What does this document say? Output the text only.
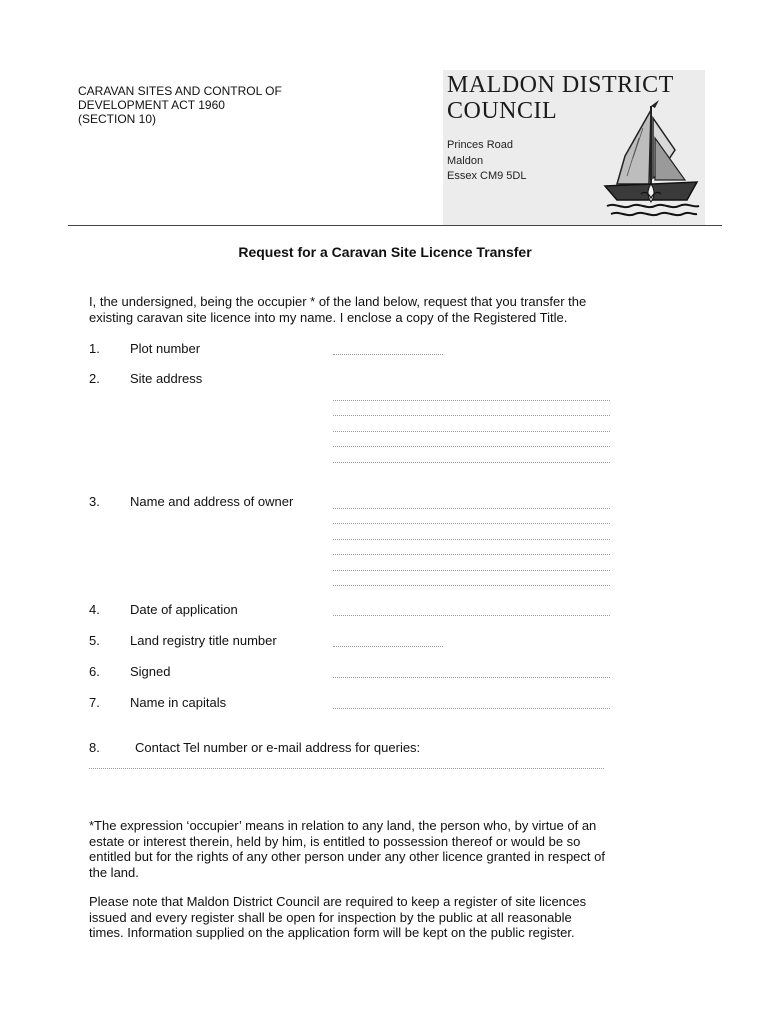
CARAVAN SITES AND CONTROL OF
DEVELOPMENT ACT 1960
(SECTION 10)
MALDON DISTRICT
COUNCIL
Princes Road
Maldon
Essex CM9 5DL
Request for a Caravan Site Licence Transfer
I, the undersigned, being the occupier * of the land below, request that you transfer the
existing caravan site licence into my name. I enclose a copy of the Registered Title.
1. Plot number
2. Site address
3. Name and address of owner
4. Date of application
5. Land registry title number
6. Signed
7. Name in capitals
8.	Contact Tel number or e-mail address for queries:
*The expression ‘occupier’ means in relation to any land, the person who, by virtue of an
estate or interest therein, held by him, is entitled to possession thereof or would be so
entitled but for the rights of any other person under any other licence granted in respect of
the land.
Please note that Maldon District Council are required to keep a register of site licences
issued and every register shall be open for inspection by the public at all reasonable
times. Information supplied on the application form will be kept on the public register.
